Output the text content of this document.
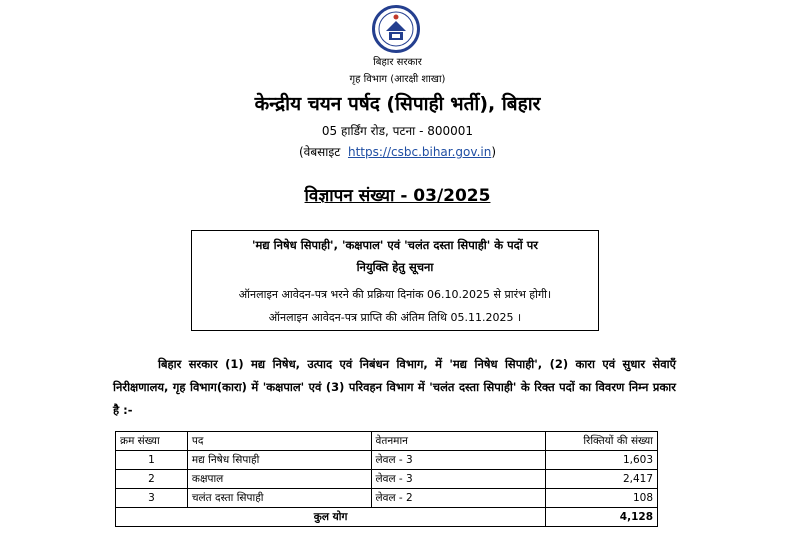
बिहार सरकार
गृह विभाग (आरक्षी शाखा)
केन्द्रीय चयन पर्षद (सिपाही भर्ती), बिहार
05 हार्डिंग रोड, पटना - 800001
(वेबसाइट https://csbc.bihar.gov.in)
विज्ञापन संख्या - 03/2025
'मद्य निषेध सिपाही', 'कक्षपाल' एवं 'चलंत दस्ता सिपाही' के पदों पर
नियुक्ति हेतु सूचना
ऑनलाइन आवेदन-पत्र भरने की प्रक्रिया दिनांक 06.10.2025 से प्रारंभ होगी।
ऑनलाइन आवेदन-पत्र प्राप्ति की अंतिम तिथि 05.11.2025 ।
बिहार सरकार (1) मद्य निषेध, उत्पाद एवं निबंधन विभाग, में 'मद्य निषेध सिपाही', (2) कारा एवं सुधार सेवाएँ निरीक्षणालय, गृह विभाग(कारा) में 'कक्षपाल' एवं (3) परिवहन विभाग में 'चलंत दस्ता सिपाही' के रिक्त पदों का विवरण निम्न प्रकार है :-
क्रम संख्या	पद	वेतनमान	रिक्तियों की संख्या
1	मद्य निषेध सिपाही	लेवल - 3	1,603
2	कक्षपाल	लेवल - 3	2,417
3	चलंत दस्ता सिपाही	लेवल - 2	108
कुल योग			4,128
